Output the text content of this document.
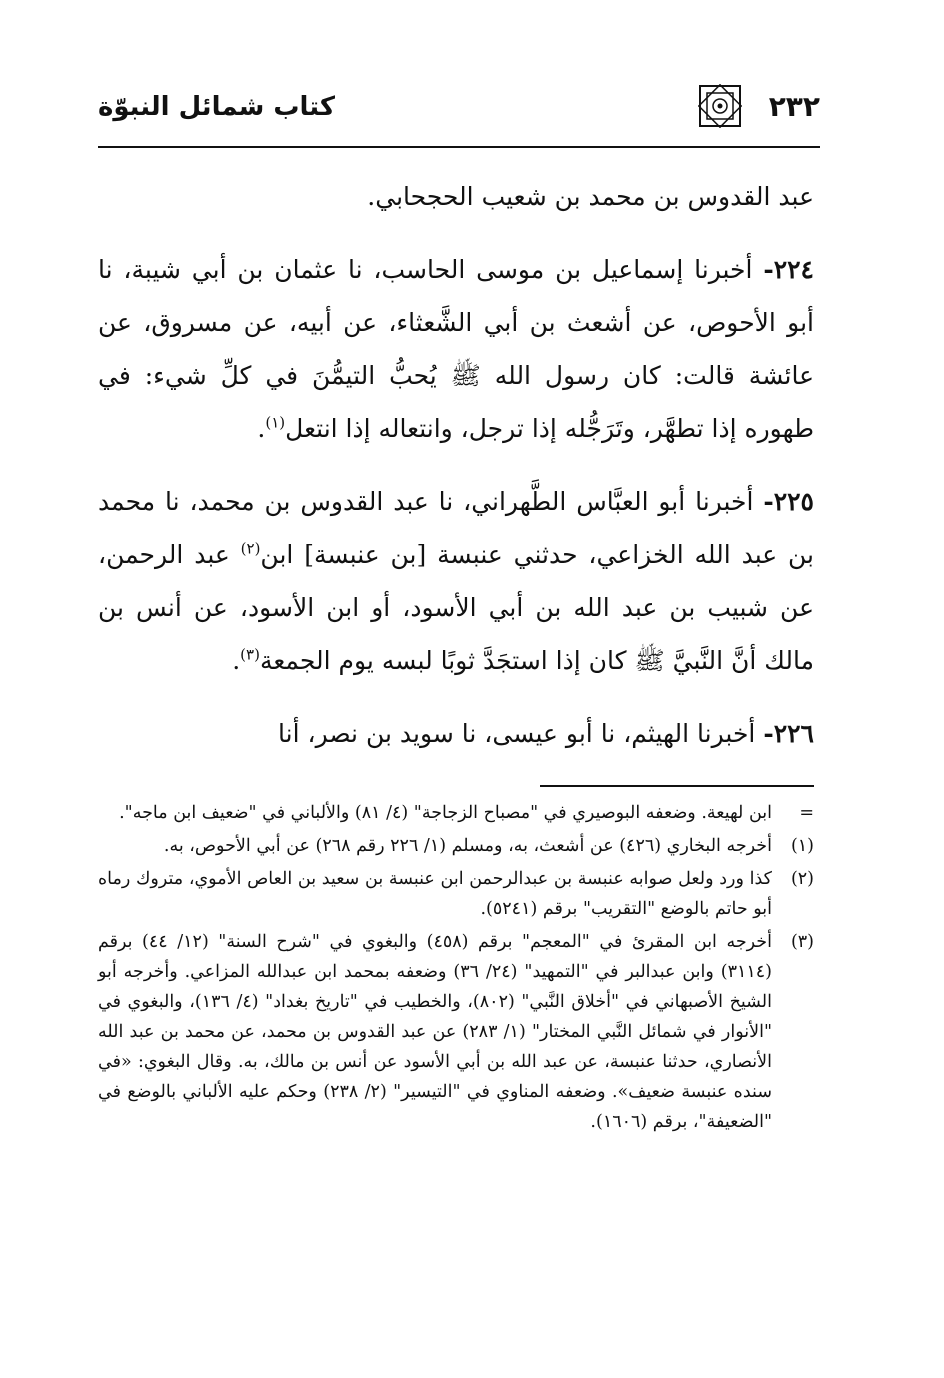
٢٣٢
كتاب شمائل النبوّة

عبد القدوس بن محمد بن شعيب الحجحابي.

٢٢٤- أخبرنا إسماعيل بن موسى الحاسب، نا عثمان بن أبي شيبة، نا أبو الأحوص، عن أشعث بن أبي الشَّعثاء، عن أبيه، عن مسروق، عن عائشة قالت: كان رسول الله ﷺ يُحبُّ التيمُّنَ في كلِّ شيء: في طهوره إذا تطهَّر، وتَرَجُّله إذا ترجل، وانتعاله إذا انتعل$^{(١)}$.

٢٢٥- أخبرنا أبو العبَّاس الطَّهراني، نا عبد القدوس بن محمد، نا محمد بن عبد الله الخزاعي، حدثني عنبسة [بن عنبسة] ابن$^{(٢)}$ عبد الرحمن، عن شبيب بن عبد الله بن أبي الأسود، أو ابن الأسود، عن أنس بن مالك أنَّ النَّبيَّ ﷺ كان إذا استجَدَّ ثوبًا لبسه يوم الجمعة$^{(٣)}$.

٢٢٦- أخبرنا الهيثم، نا أبو عيسى، نا سويد بن نصر، أنا

=
ابن لهيعة. وضعفه البوصيري في "مصباح الزجاجة" (٤/ ٨١) والألباني في "ضعيف ابن ماجه".
(١)
أخرجه البخاري (٤٢٦) عن أشعث، به، ومسلم (١/ ٢٢٦ رقم ٢٦٨) عن أبي الأحوص، به.
(٢)
كذا ورد ولعل صوابه عنبسة بن عبدالرحمن ابن عنبسة بن سعيد بن العاص الأموي، متروك رماه أبو حاتم بالوضع "التقريب" برقم (٥٢٤١).
(٣)
أخرجه ابن المقرئ في "المعجم" برقم (٤٥٨) والبغوي في "شرح السنة" (١٢/ ٤٤) برقم (٣١١٤) وابن عبدالبر في "التمهيد" (٢٤/ ٣٦) وضعفه بمحمد ابن عبدالله المزاعي. وأخرجه أبو الشيخ الأصبهاني في "أخلاق النَّبي" (٨٠٢)، والخطيب في "تاريخ بغداد" (٤/ ١٣٦)، والبغوي في "الأنوار في شمائل النَّبي المختار" (١/ ٢٨٣) عن عبد القدوس بن محمد، عن محمد بن عبد الله الأنصاري، حدثنا عنبسة، عن عبد الله بن أبي الأسود عن أنس بن مالك، به. وقال البغوي: «في سنده عنبسة ضعيف». وضعفه المناوي في "التيسير" (٢/ ٢٣٨) وحكم عليه الألباني بالوضع في "الضعيفة"، برقم (١٦٠٦).
